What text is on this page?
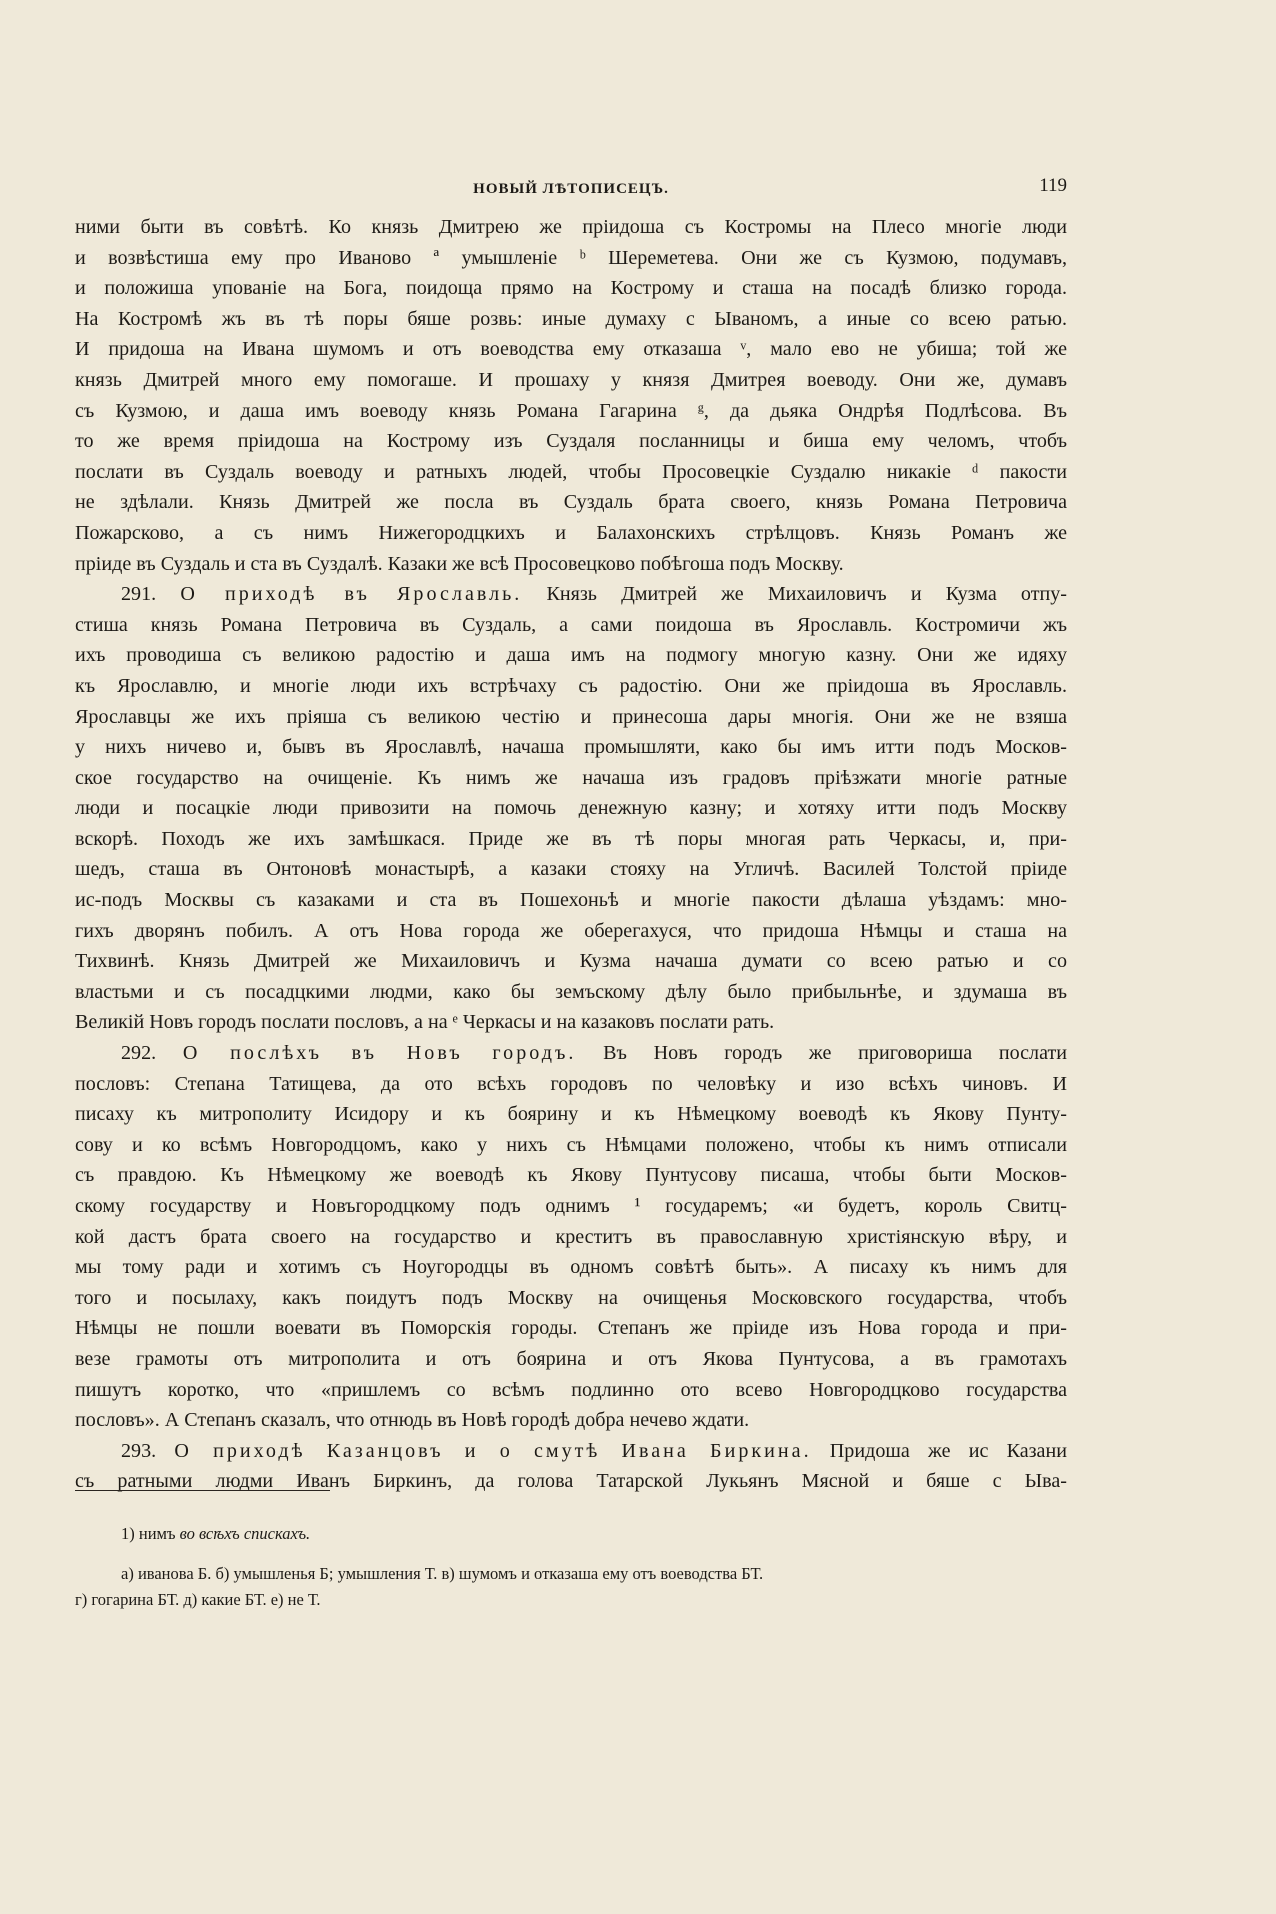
НОВЫЙ ЛѢТОПИСЕЦЪ.	119
ними быти въ совѣтѣ. Ко князь Дмитрею же пріидоша съ Костромы на Плесо многіе люди
и возвѣстиша ему про Иваново ª умышленіе ᵇ Шереметева. Они же съ Кузмою, подумавъ,
и положиша упованіе на Бога, поидоща прямо на Кострому и сташа на посадѣ близко города.
На Костромѣ жъ въ тѣ поры бяше розвь: иные думаху с Ываномъ, а иные со всею ратью.
И придоша на Ивана шумомъ и отъ воеводства ему отказаша ᵛ, мало ево не убиша; той же
князь Дмитрей много ему помогаше. И прошаху у князя Дмитрея воеводу. Они же, думавъ
съ Кузмою, и даша имъ воеводу князь Романа Гагарина ᵍ, да дьяка Ондрѣя Подлѣсова. Въ
то же время пріидоша на Кострому изъ Суздаля посланницы и биша ему челомъ, чтобъ
послати въ Суздаль воеводу и ратныхъ людей, чтобы Просовецкіе Суздалю никакіе ᵈ пакости
не здѣлали. Князь Дмитрей же посла въ Суздаль брата своего, князь Романа Петровича
Пожарсково, а съ нимъ Нижегородцкихъ и Балахонскихъ стрѣлцовъ. Князь Романъ же
пріиде въ Суздаль и ста въ Суздалѣ. Казаки же всѣ Просовецково побѣгоша подъ Москву.
291. О приходѣ въ Ярославль. Князь Дмитрей же Михаиловичъ и Кузма отпу-
стиша князь Романа Петровича въ Суздаль, а сами поидоша въ Ярославль. Костромичи жъ
ихъ проводиша съ великою радостію и даша имъ на подмогу многую казну. Они же идяху
къ Ярославлю, и многіе люди ихъ встрѣчаху съ радостію. Они же пріидоша въ Ярославль.
Ярославцы же ихъ пріяша съ великою честію и принесоша дары многія. Они же не взяша
у нихъ ничево и, бывъ въ Ярославлѣ, начаша промышляти, како бы имъ итти подъ Москов-
ское государство на очищеніе. Къ нимъ же начаша изъ градовъ пріѣзжати многіе ратные
люди и посацкіе люди привозити на помочь денежную казну; и хотяху итти подъ Москву
вскорѣ. Походъ же ихъ замѣшкася. Приде же въ тѣ поры многая рать Черкасы, и, при-
шедъ, сташа въ Онтоновѣ монастырѣ, а казаки стояху на Угличѣ. Василей Толстой пріиде
ис-подъ Москвы съ казаками и ста въ Пошехоньѣ и многіе пакости дѣлаша уѣздамъ: мно-
гихъ дворянъ побилъ. А отъ Нова города же оберегахуся, что придоша Нѣмцы и сташа на
Тихвинѣ. Князь Дмитрей же Михаиловичъ и Кузма начаша думати со всею ратью и со
властьми и съ посадцкими людми, како бы земъскому дѣлу было прибыльнѣе, и здумаша въ
Великій Новъ городъ послати пословъ, а на ᵉ Черкасы и на казаковъ послати рать.
292. О послѣхъ въ Новъ городъ. Въ Новъ городъ же приговориша послати
пословъ: Степана Татищева, да ото всѣхъ городовъ по человѣку и изо всѣхъ чиновъ. И
писаху къ митрополиту Исидору и къ боярину и къ Нѣмецкому воеводѣ къ Якову Пунту-
сову и ко всѣмъ Новгородцомъ, како у нихъ съ Нѣмцами положено, чтобы къ нимъ отписали
съ правдою. Къ Нѣмецкому же воеводѣ къ Якову Пунтусову писаша, чтобы быти Москов-
скому государству и Новъгородцкому подъ однимъ ¹ государемъ; «и будетъ, король Свитц-
кой дастъ брата своего на государство и креститъ въ православную христіянскую вѣру, и
мы тому ради и хотимъ съ Ноугородцы въ одномъ совѣтѣ быть». А писаху къ нимъ для
того и посылаху, какъ поидутъ подъ Москву на очищенья Московского государства, чтобъ
Нѣмцы не пошли воевати въ Поморскія городы. Степанъ же пріиде изъ Нова города и при-
везе грамоты отъ митрополита и отъ боярина и отъ Якова Пунтусова, а въ грамотахъ
пишутъ коротко, что «пришлемъ со всѣмъ подлинно ото всево Новгородцково государства
пословъ». А Степанъ сказалъ, что отнюдь въ Новѣ городѣ добра нечево ждати.
293. О приходѣ Казанцовъ и о смутѣ Ивана Биркина. Придоша же ис Казани
съ ратными людми Иванъ Биркинъ, да голова Татарской Лукьянъ Мясной и бяше с Ыва-
1) нимъ во всѣхъ спискахъ.
а) иванова Б. б) умышленья Б; умышления Т. в) шумомъ и отказаша ему отъ воеводства БТ.
г) гогарина БТ. д) какие БТ. е) не Т.
